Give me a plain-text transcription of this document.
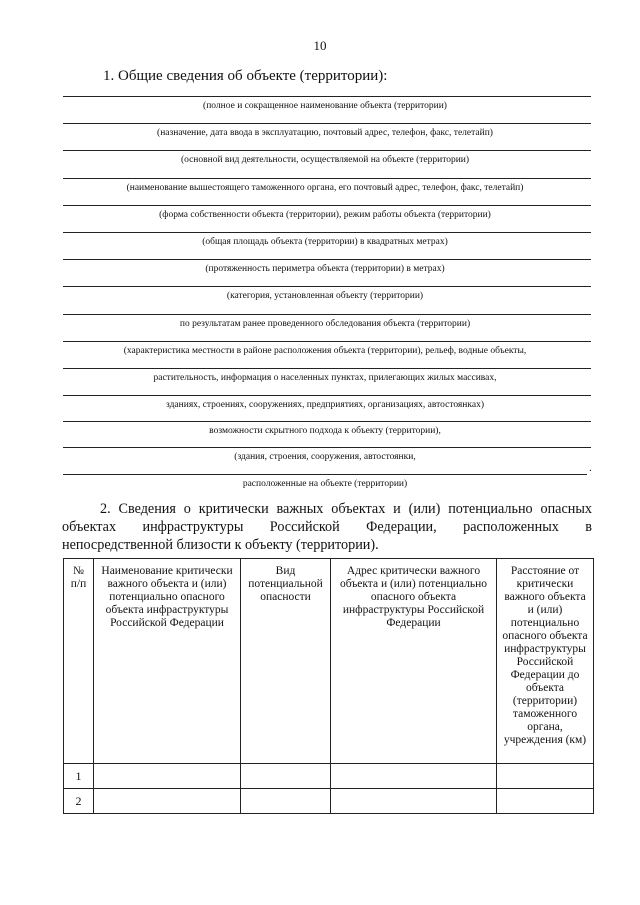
10
1. Общие сведения об объекте (территории):
(полное и сокращенное наименование объекта (территории)
(назначение, дата ввода в эксплуатацию, почтовый адрес, телефон, факс, телетайп)
(основной вид деятельности, осуществляемой на объекте (территории)
(наименование вышестоящего таможенного органа, его почтовый адрес, телефон, факс, телетайп)
(форма собственности объекта (территории), режим работы объекта (территории)
(общая площадь объекта (территории) в квадратных метрах)
(протяженность периметра объекта (территории) в метрах)
(категория, установленная объекту (территории)
по результатам ранее проведенного обследования объекта (территории)
(характеристика местности в районе расположения объекта (территории), рельеф, водные объекты,
растительность, информация о населенных пунктах, прилегающих жилых массивах,
зданиях, строениях, сооружениях, предприятиях, организациях, автостоянках)
возможности скрытного подхода к объекту (территории),
(здания, строения, сооружения, автостоянки,
расположенные на объекте (территории)
.

2. Сведения о критически важных объектах и (или) потенциально опасных объектах инфраструктуры Российской Федерации, расположенных в непосредственной близости к объекту (территории).

№ п/п	Наименование критически важного объекта и (или) потенциально опасного объекта инфраструктуры Российской Федерации	Вид потенциальной опасности	Адрес критически важного объекта и (или) потенциально опасного объекта инфраструктуры Российской Федерации	Расстояние от критически важного объекта и (или) потенциально опасного объекта инфраструктуры Российской Федерации до объекта (территории) таможенного органа, учреждения (км)
1				
2				
